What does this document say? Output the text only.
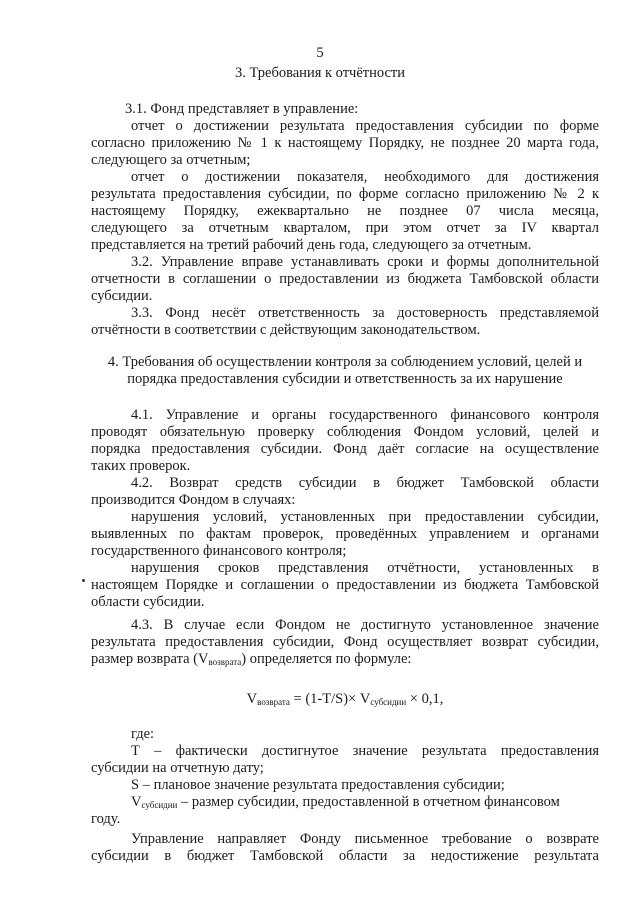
5
3. Требования к отчётности
3.1. Фонд представляет в управление:
отчет о достижении результата предоставления субсидии по форме
согласно приложению № 1 к настоящему Порядку, не позднее 20 марта года,
следующего за отчетным;
отчет о достижении показателя, необходимого для достижения
результата предоставления субсидии, по форме согласно приложению № 2 к
настоящему Порядку, ежеквартально не позднее 07 числа месяца,
следующего за отчетным кварталом, при этом отчет за IV квартал
представляется на третий рабочий день года, следующего за отчетным.
3.2. Управление вправе устанавливать сроки и формы дополнительной
отчетности в соглашении о предоставлении из бюджета Тамбовской области
субсидии.
3.3. Фонд несёт ответственность за достоверность представляемой
отчётности в соответствии с действующим законодательством.
4. Требования об осуществлении контроля за соблюдением условий, целей и
порядка предоставления субсидии и ответственность за их нарушение
4.1. Управление и органы государственного финансового контроля
проводят обязательную проверку соблюдения Фондом условий, целей и
порядка предоставления субсидии. Фонд даёт согласие на осуществление
таких проверок.
4.2. Возврат средств субсидии в бюджет Тамбовской области
производится Фондом в случаях:
нарушения условий, установленных при предоставлении субсидии,
выявленных по фактам проверок, проведённых управлением и органами
государственного финансового контроля;
нарушения сроков представления отчётности, установленных в
настоящем Порядке и соглашении о предоставлении из бюджета Тамбовской
области субсидии.
4.3. В случае если Фондом не достигнуто установленное значение
результата предоставления субсидии, Фонд осуществляет возврат субсидии,
размер возврата $(V_{возврата})$ определяется по формуле:
$V_{возврата} = (1-T/S)\times V_{субсидии} \times 0,1$,
где:
Т – фактически достигнутое значение результата предоставления
субсидии на отчетную дату;
S – плановое значение результата предоставления субсидии;
$V_{субсидии}$ – размер субсидии, предоставленной в отчетном финансовом
году.
Управление направляет Фонду письменное требование о возврате
субсидии в бюджет Тамбовской области за недостижение результата
